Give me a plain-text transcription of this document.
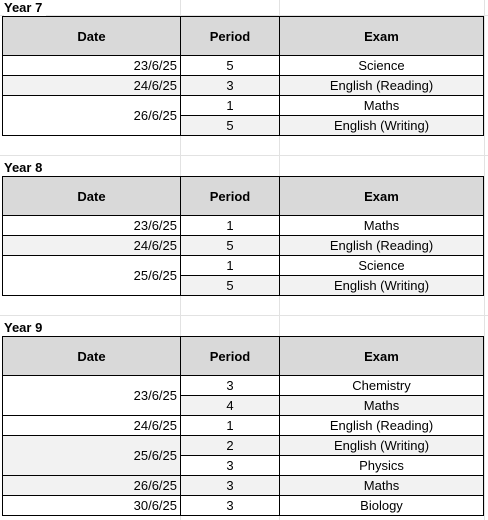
Year 7
Date	Period	Exam
23/6/25	5	Science
24/6/25	3	English (Reading)
26/6/25	1	Maths
	5	English (Writing)
Year 8
Date	Period	Exam
23/6/25	1	Maths
24/6/25	5	English (Reading)
25/6/25	1	Science
	5	English (Writing)
Year 9
Date	Period	Exam
23/6/25	3	Chemistry
	4	Maths
24/6/25	1	English (Reading)
25/6/25	2	English (Writing)
	3	Physics
26/6/25	3	Maths
30/6/25	3	Biology
